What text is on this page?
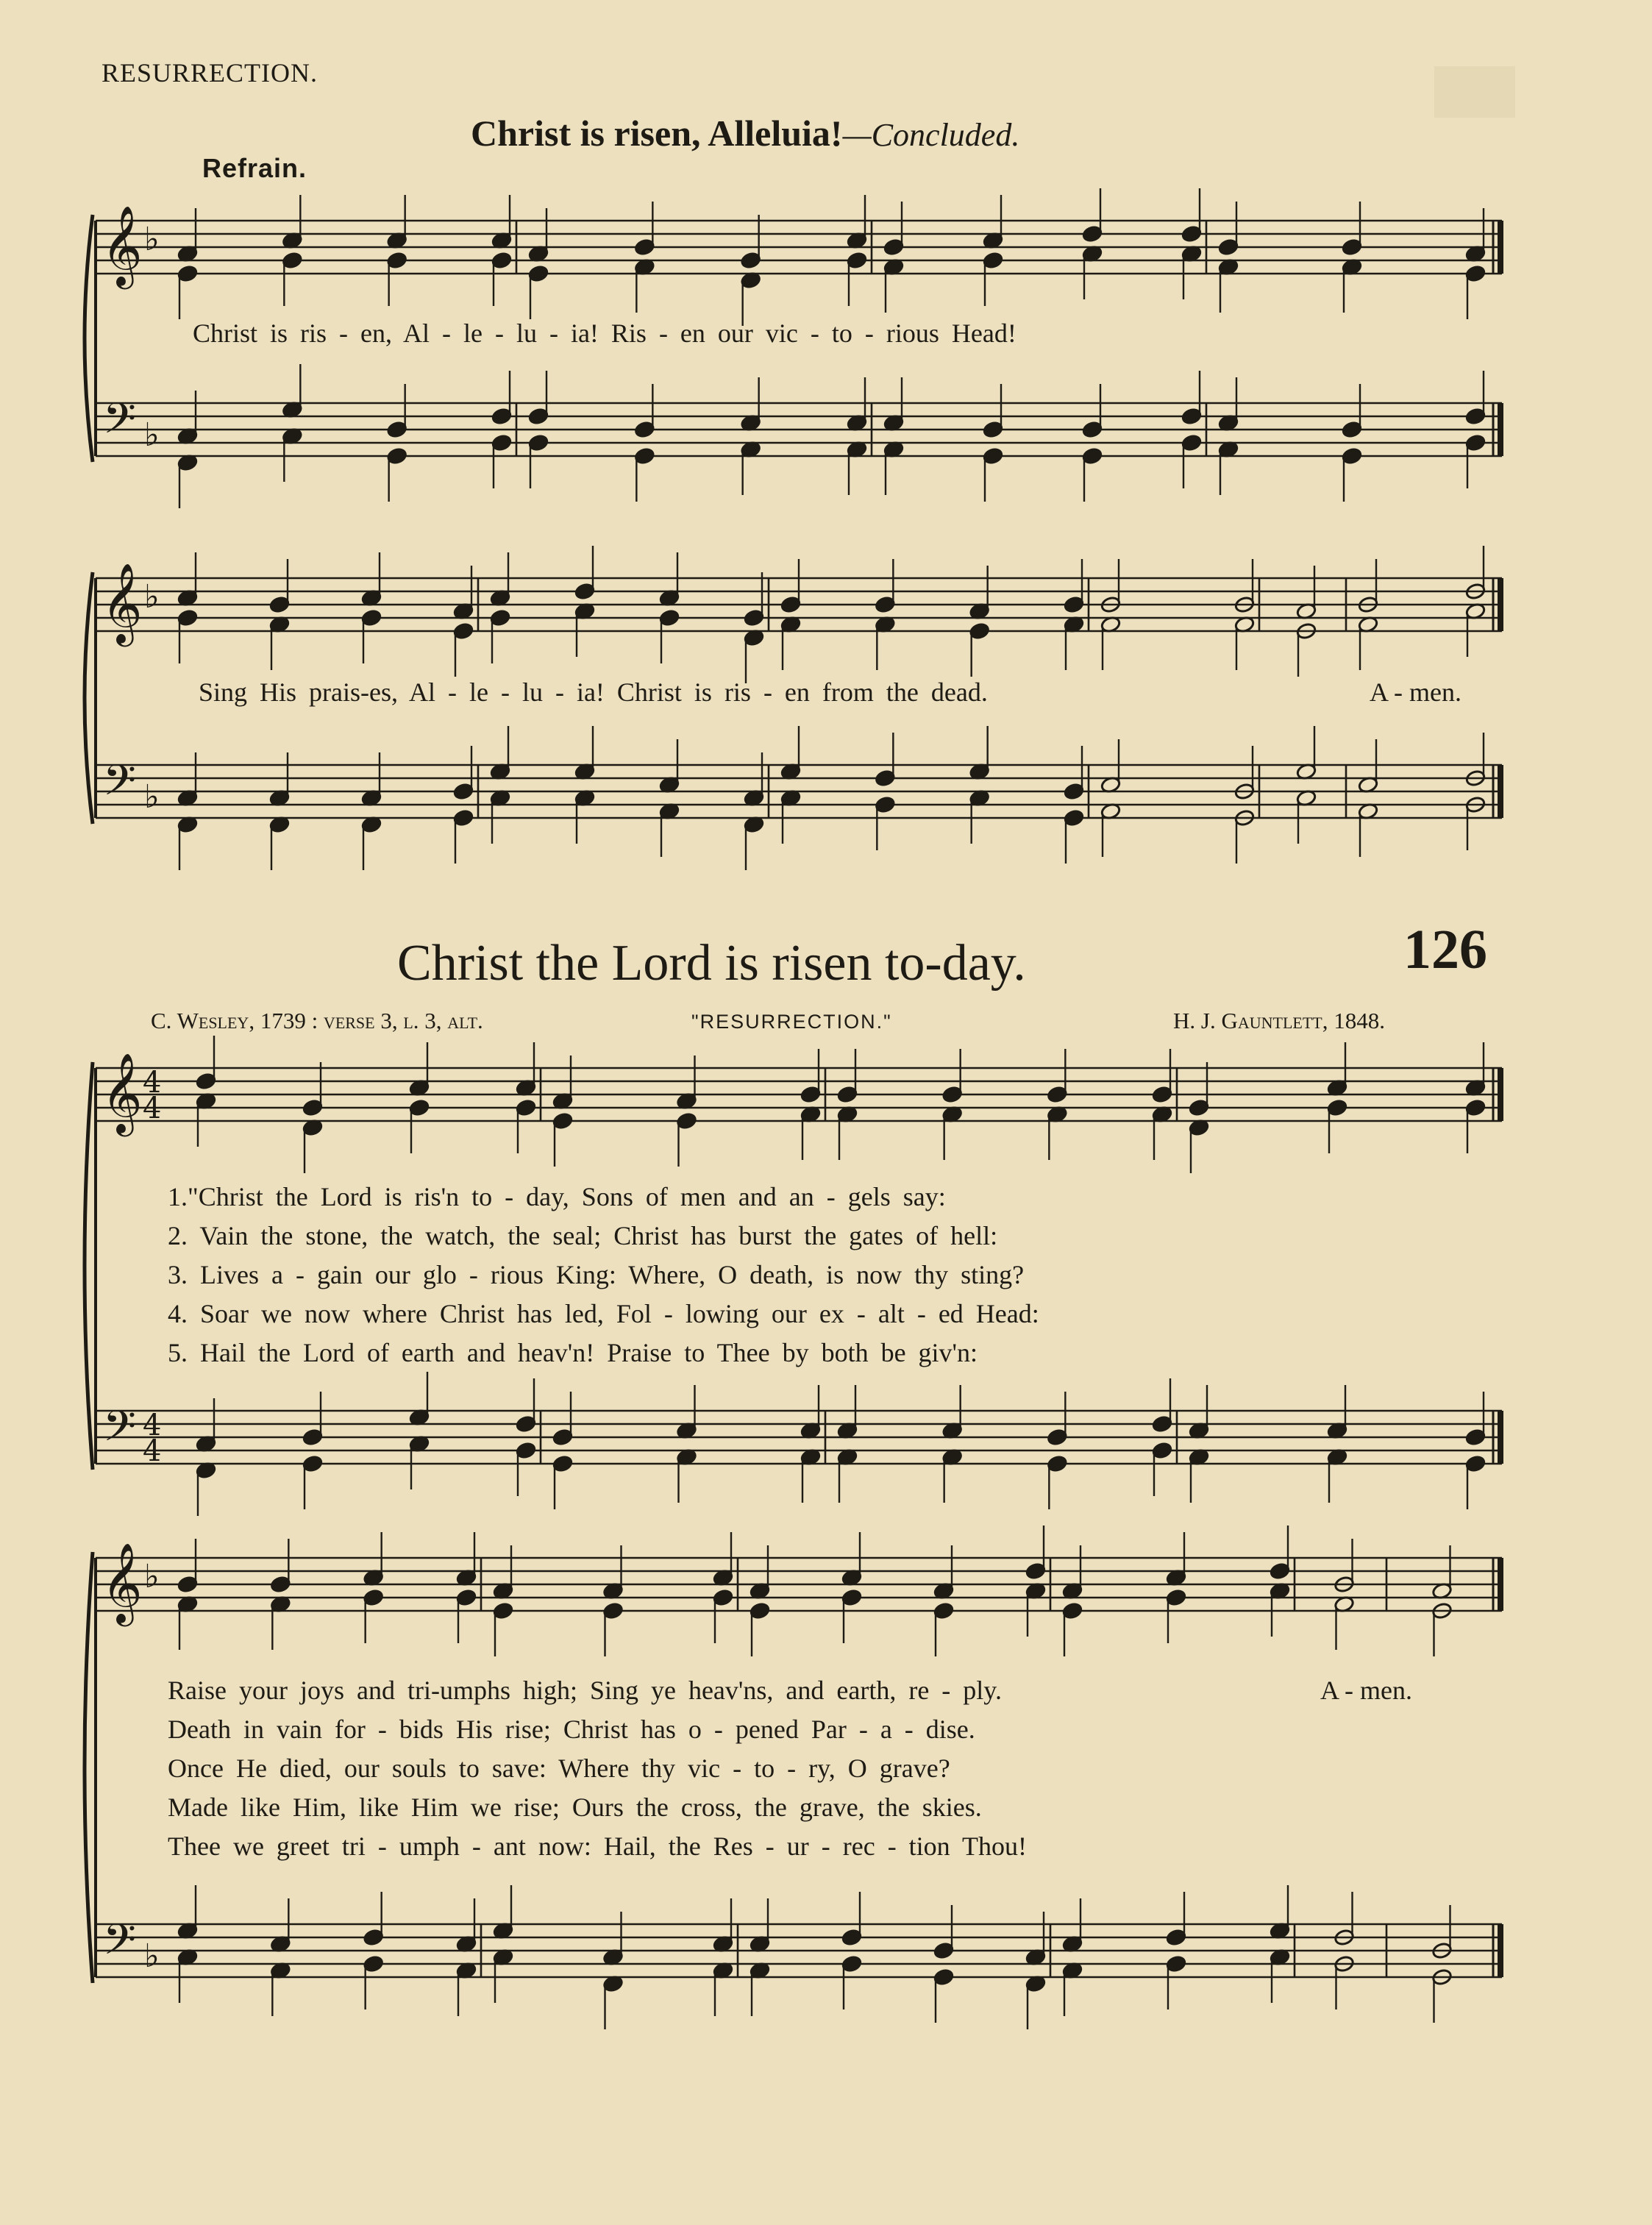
RESURRECTION.
Christ is risen, Alleluia!—Concluded.
Refrain.
Christ the Lord is risen to-day.	126
C. Wesley, 1739 : verse 3, l. 3, alt.	"RESURRECTION."	H. J. Gauntlett, 1848.
Christ is ris - en, Al - le - lu - ia! Ris - en our vic - to - rious Head!
Sing His prais-es, Al - le - lu - ia! Christ is ris - en from the dead.	A - men.
1."Christ the Lord is ris'n to - day, Sons of men and an - gels say:
2. Vain the stone, the watch, the seal; Christ has burst the gates of hell:
3. Lives a - gain our glo - rious King: Where, O death, is now thy sting?
4. Soar we now where Christ has led, Fol - lowing our ex - alt - ed Head:
5. Hail the Lord of earth and heav'n! Praise to Thee by both be giv'n:
Raise your joys and tri-umphs high; Sing ye heav'ns, and earth, re - ply.
Death in vain for - bids His rise; Christ has o - pened Par - a - dise.
Once He died, our souls to save: Where thy vic - to - ry, O grave?
Made like Him, like Him we rise; Ours the cross, the grave, the skies.
Thee we greet tri - umph - ant now: Hail, the Res - ur - rec - tion Thou!
A - men.
𝄞
𝄢
♭
♭
𝄞
𝄢
♭
♭
𝄞
𝄢
4
4
4
4
𝄞
𝄢
♭
♭
